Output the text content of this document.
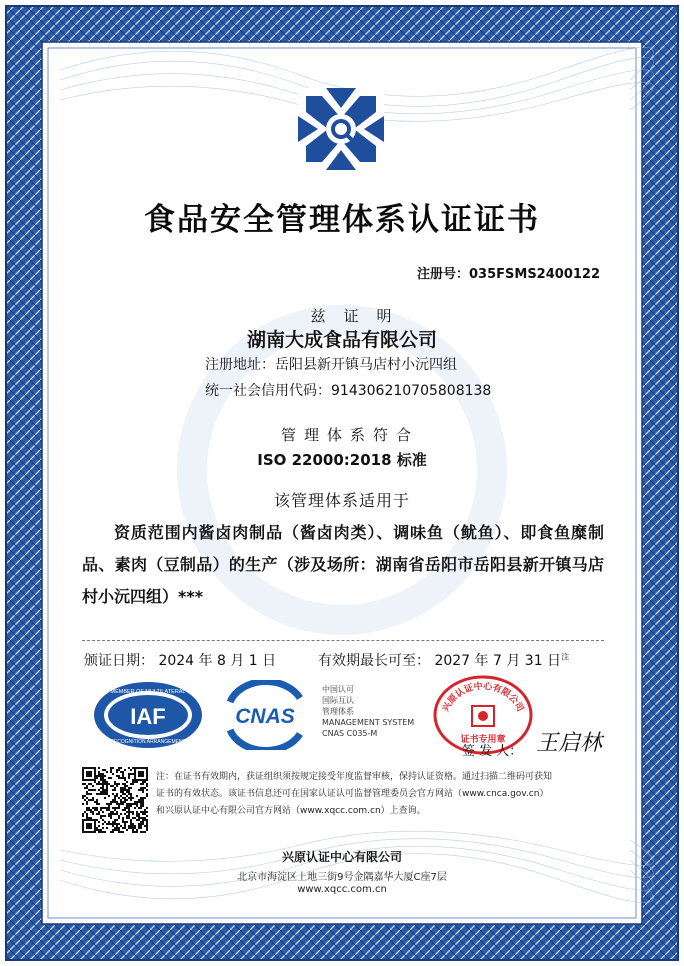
食品安全管理体系认证证书
注册号：035FSMS2400122
兹证明
湖南大成食品有限公司
注册地址：岳阳县新开镇马店村小沅四组
统一社会信用代码：914306210705808138
管理体系符合
ISO 22000:2018 标准
该管理体系适用于
资质范围内酱卤肉制品（酱卤肉类）、调味鱼（鱿鱼）、即食鱼糜制品、素肉（豆制品）的生产（涉及场所：湖南省岳阳市岳阳县新开镇马店村小沅四组）***
颁证日期： 2024 年 8 月 1 日	有效期最长可至： 2027 年 7 月 31 日$^注$
MEMBER OF MULTILATERAL
IAF
RECOGNITION ARRANGEMENT
CNAS
中国认可
国际互认
管理体系
MANAGEMENT SYSTEM
CNAS C035-M
兴原认证中心有限公司
证书专用章
签 发 人： 王启林
注：在证书有效期内，获证组织须按规定接受年度监督审核，保持认证资格。通过扫描二维码可获知
证书的有效状态。该证书信息还可在国家认证认可监督管理委员会官方网站（www.cnca.gov.cn）
和兴原认证中心有限公司官方网站（www.xqcc.com.cn）上查询。
兴原认证中心有限公司
北京市海淀区上地三街9号金隅嘉华大厦C座7层
www.xqcc.com.cn
